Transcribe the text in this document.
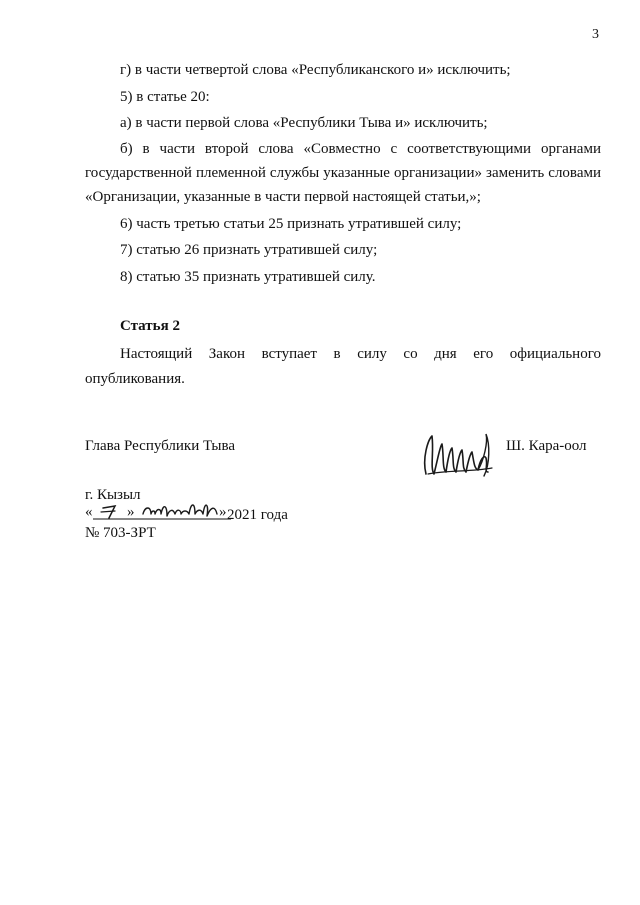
3
г) в части четвертой слова «Республиканского и» исключить;
5) в статье 20:
а) в части первой слова «Республики Тыва и» исключить;
б) в части второй слова «Совместно с соответствующими органами
государственной племенной службы указанные организации» заменить словами
«Организации, указанные в части первой настоящей статьи,»;
6) часть третью статьи 25 признать утратившей силу;
7) статью 26 признать утратившей силу;
8) статью 35 признать утратившей силу.
Статья 2
Настоящий Закон вступает в силу со дня его официального
опубликования.
Глава Республики Тыва	Ш. Кара-оол
г. Кызыл
« »	» 2021 года
№ 703-ЗРТ
